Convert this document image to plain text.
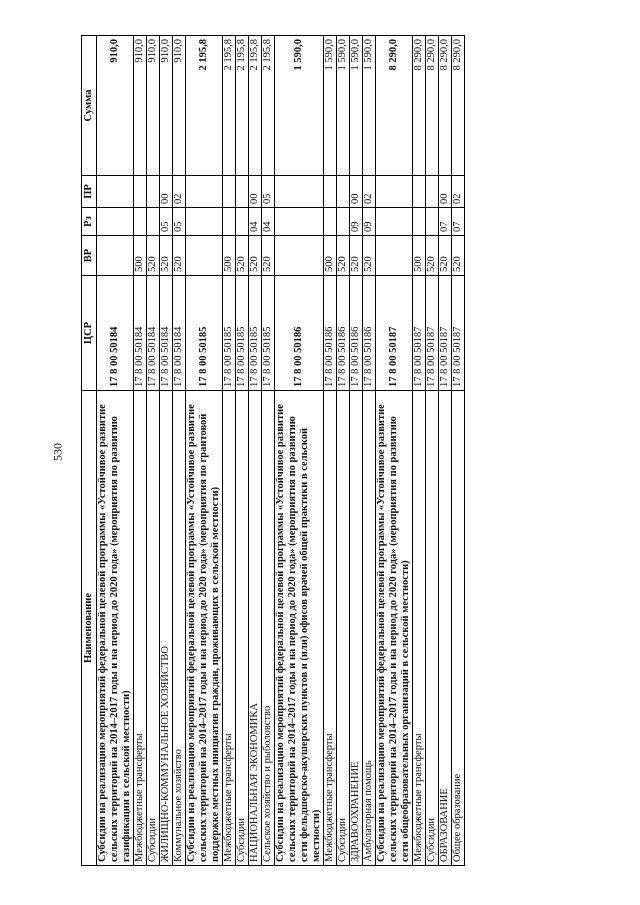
530
Наименование	ЦСР	ВР	Рз	ПР	Сумма
Субсидии на реализацию мероприятий федеральной целевой программы «Устойчивое развитие сельских территорий на 2014–2017 годы и на период до 2020 года» (мероприятия по развитию газификации в сельской местности)	17 8 00 50184				910,0
Межбюджетные трансферты	17 8 00 50184	500			910,0
Субсидии	17 8 00 50184	520			910,0
ЖИЛИЩНО-КОММУНАЛЬНОЕ ХОЗЯЙСТВО	17 8 00 50184	520	05	00	910,0
Коммунальное хозяйство	17 8 00 50184	520	05	02	910,0
Субсидии на реализацию мероприятий федеральной целевой программы «Устойчивое развитие сельских территорий на 2014–2017 годы и на период до 2020 года» (мероприятия по грантовой поддержке местных инициатив граждан, проживающих в сельской местности)	17 8 00 50185				2 195,8
Межбюджетные трансферты	17 8 00 50185	500			2 195,8
Субсидии	17 8 00 50185	520			2 195,8
НАЦИОНАЛЬНАЯ ЭКОНОМИКА	17 8 00 50185	520	04	00	2 195,8
Сельское хозяйство и рыболовство	17 8 00 50185	520	04	05	2 195,8
Субсидии на реализацию мероприятий федеральной целевой программы «Устойчивое развитие сельских территорий на 2014–2017 годы и на период до 2020 года» (мероприятия по развитию сети фельдшерско-акушерских пунктов и (или) офисов врачей общей практики в сельской местности)	17 8 00 50186				1 590,0
Межбюджетные трансферты	17 8 00 50186	500			1 590,0
Субсидии	17 8 00 50186	520			1 590,0
ЗДРАВООХРАНЕНИЕ	17 8 00 50186	520	09	00	1 590,0
Амбулаторная помощь	17 8 00 50186	520	09	02	1 590,0
Субсидии на реализацию мероприятий федеральной целевой программы «Устойчивое развитие сельских территорий на 2014–2017 годы и на период до 2020 года» (мероприятия по развитию сети общеобразовательных организаций в сельской местности)	17 8 00 50187				8 290,0
Межбюджетные трансферты	17 8 00 50187	500			8 290,0
Субсидии	17 8 00 50187	520			8 290,0
ОБРАЗОВАНИЕ	17 8 00 50187	520	07	00	8 290,0
Общее образование	17 8 00 50187	520	07	02	8 290,0
